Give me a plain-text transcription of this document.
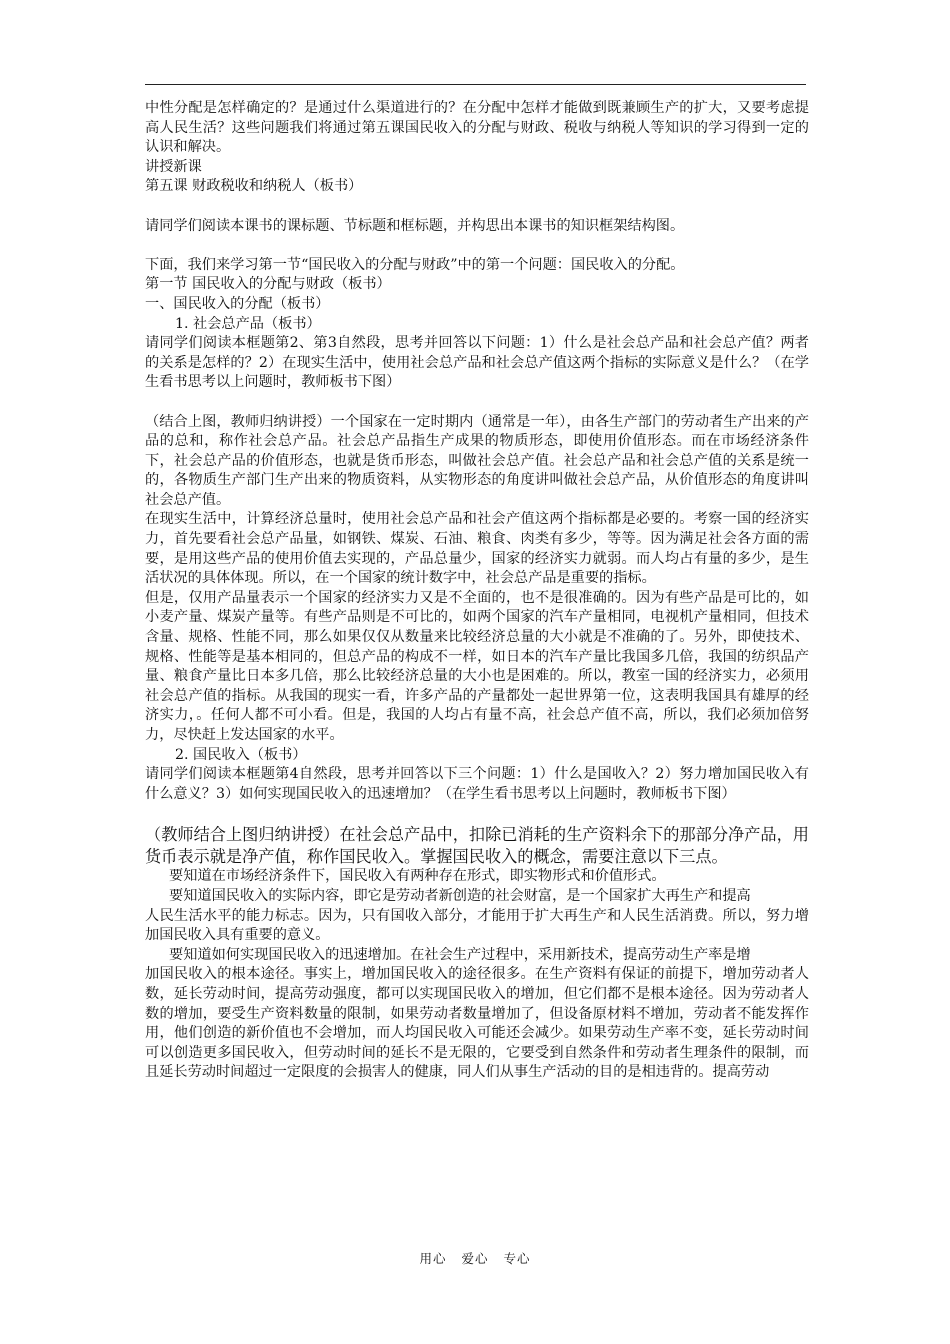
中性分配是怎样确定的？是通过什么渠道进行的？在分配中怎样才能做到既兼顾生产的扩大，又要考虑提高人民生活？这些问题我们将通过第五课国民收入的分配与财政、税收与纳税人等知识的学习得到一定的认识和解决。

讲授新课

第五课 财政税收和纳税人（板书）

请同学们阅读本课书的课标题、节标题和框标题，并构思出本课书的知识框架结构图。

下面，我们来学习第一节“国民收入的分配与财政”中的第一个问题：国民收入的分配。

第一节 国民收入的分配与财政（板书）

一、国民收入的分配（板书）

1. 社会总产品（板书）

请同学们阅读本框题第2、第3自然段，思考并回答以下问题：1）什么是社会总产品和社会总产值？两者的关系是怎样的？2）在现实生活中，使用社会总产品和社会总产值这两个指标的实际意义是什么？（在学生看书思考以上问题时，教师板书下图）

（结合上图，教师归纳讲授）一个国家在一定时期内（通常是一年），由各生产部门的劳动者生产出来的产品的总和，称作社会总产品。社会总产品指生产成果的物质形态，即使用价值形态。而在市场经济条件下，社会总产品的价值形态，也就是货币形态，叫做社会总产值。社会总产品和社会总产值的关系是统一的，各物质生产部门生产出来的物质资料，从实物形态的角度讲叫做社会总产品，从价值形态的角度讲叫社会总产值。

在现实生活中，计算经济总量时，使用社会总产品和社会产值这两个指标都是必要的。考察一国的经济实力，首先要看社会总产品量，如钢铁、煤炭、石油、粮食、肉类有多少，等等。因为满足社会各方面的需要，是用这些产品的使用价值去实现的，产品总量少，国家的经济实力就弱。而人均占有量的多少，是生活状况的具体体现。所以，在一个国家的统计数字中，社会总产品是重要的指标。

但是，仅用产品量表示一个国家的经济实力又是不全面的，也不是很准确的。因为有些产品是可比的，如小麦产量、煤炭产量等。有些产品则是不可比的，如两个国家的汽车产量相同，电视机产量相同，但技术含量、规格、性能不同，那么如果仅仅从数量来比较经济总量的大小就是不准确的了。另外，即使技术、规格、性能等是基本相同的，但总产品的构成不一样，如日本的汽车产量比我国多几倍，我国的纺织品产量、粮食产量比日本多几倍，那么比较经济总量的大小也是困难的。所以，教室一国的经济实力，必须用社会总产值的指标。从我国的现实一看，许多产品的产量都处一起世界第一位，这表明我国具有雄厚的经济实力，。任何人都不可小看。但是，我国的人均占有量不高，社会总产值不高，所以，我们必须加倍努力，尽快赶上发达国家的水平。

2. 国民收入（板书）

请同学们阅读本框题第4自然段，思考并回答以下三个问题：1）什么是国收入？2）努力增加国民收入有什么意义？3）如何实现国民收入的迅速增加？（在学生看书思考以上问题时，教师板书下图）

（教师结合上图归纳讲授）在社会总产品中，扣除已消耗的生产资料余下的那部分净产品，用货币表示就是净产值，称作国民收入。掌握国民收入的概念，需要注意以下三点。

要知道在市场经济条件下，国民收入有两种存在形式，即实物形式和价值形式。

要知道国民收入的实际内容，即它是劳动者新创造的社会财富，是一个国家扩大再生产和提高

人民生活水平的能力标志。因为，只有国收入部分，才能用于扩大再生产和人民生活消费。所以，努力增加国民收入具有重要的意义。

要知道如何实现国民收入的迅速增加。在社会生产过程中，采用新技术，提高劳动生产率是增

加国民收入的根本途径。事实上，增加国民收入的途径很多。在生产资料有保证的前提下，增加劳动者人数，延长劳动时间，提高劳动强度，都可以实现国民收入的增加，但它们都不是根本途径。因为劳动者人数的增加，要受生产资料数量的限制，如果劳动者数量增加了，但设备原材料不增加，劳动者不能发挥作用，他们创造的新价值也不会增加，而人均国民收入可能还会减少。如果劳动生产率不变，延长劳动时间可以创造更多国民收入，但劳动时间的延长不是无限的，它要受到自然条件和劳动者生理条件的限制，而且延长劳动时间超过一定限度的会损害人的健康，同人们从事生产活动的目的是相违背的。提高劳动

用心 爱心 专心
